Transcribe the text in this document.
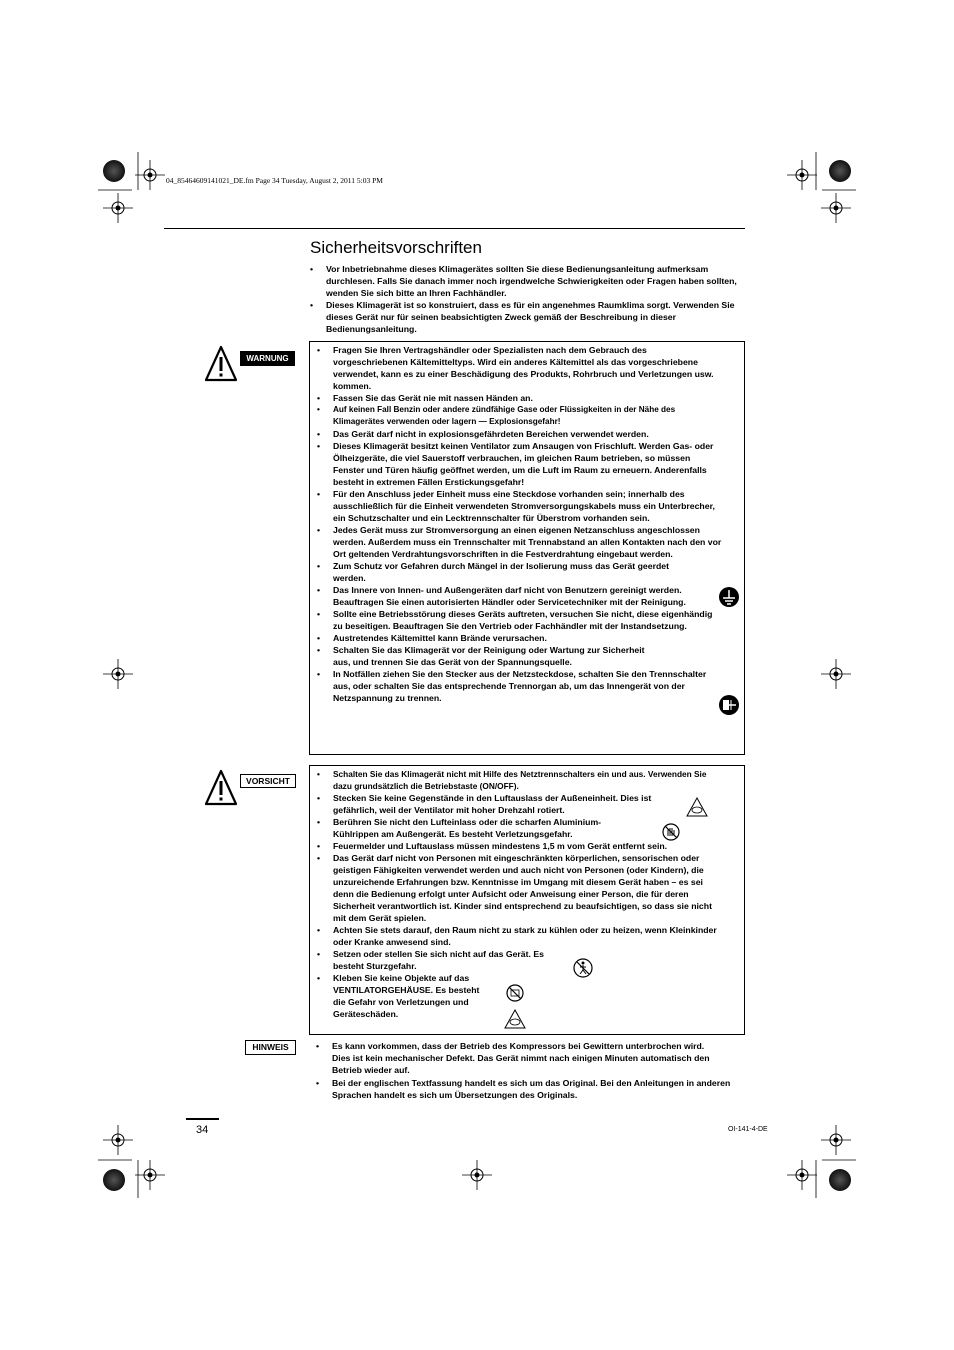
04_85464609141021_DE.fm Page 34 Tuesday, August 2, 2011 5:03 PM
Sicherheitsvorschriften
• Vor Inbetriebnahme dieses Klimagerätes sollten Sie diese Bedienungsanleitung aufmerksam durchlesen. Falls Sie danach immer noch irgendwelche Schwierigkeiten oder Fragen haben sollten, wenden Sie sich bitte an Ihren Fachhändler.
• Dieses Klimagerät ist so konstruiert, dass es für ein angenehmes Raumklima sorgt. Verwenden Sie dieses Gerät nur für seinen beabsichtigten Zweck gemäß der Beschreibung in dieser Bedienungsanleitung.
WARNUNG
• Fragen Sie Ihren Vertragshändler oder Spezialisten nach dem Gebrauch des vorgeschriebenen Kältemitteltyps. Wird ein anderes Kältemittel als das vorgeschriebene verwendet, kann es zu einer Beschädigung des Produkts, Rohrbruch und Verletzungen usw. kommen.
• Fassen Sie das Gerät nie mit nassen Händen an.
• Auf keinen Fall Benzin oder andere zündfähige Gase oder Flüssigkeiten in der Nähe des Klimagerätes verwenden oder lagern — Explosionsgefahr!
• Das Gerät darf nicht in explosionsgefährdeten Bereichen verwendet werden.
• Dieses Klimagerät besitzt keinen Ventilator zum Ansaugen von Frischluft. Werden Gas- oder Ölheizgeräte, die viel Sauerstoff verbrauchen, im gleichen Raum betrieben, so müssen Fenster und Türen häufig geöffnet werden, um die Luft im Raum zu erneuern. Anderenfalls besteht in extremen Fällen Erstickungsgefahr!
• Für den Anschluss jeder Einheit muss eine Steckdose vorhanden sein; innerhalb des ausschließlich für die Einheit verwendeten Stromversorgungskabels muss ein Unterbrecher, ein Schutzschalter und ein Lecktrennschalter für Überstrom vorhanden sein.
• Jedes Gerät muss zur Stromversorgung an einen eigenen Netzanschluss angeschlossen werden. Außerdem muss ein Trennschalter mit Trennabstand an allen Kontakten nach den vor Ort geltenden Verdrahtungsvorschriften in die Festverdrahtung eingebaut werden.
• Zum Schutz vor Gefahren durch Mängel in der Isolierung muss das Gerät geerdet werden.
• Das Innere von Innen- und Außengeräten darf nicht von Benutzern gereinigt werden. Beauftragen Sie einen autorisierten Händler oder Servicetechniker mit der Reinigung.
• Sollte eine Betriebsstörung dieses Geräts auftreten, versuchen Sie nicht, diese eigenhändig zu beseitigen. Beauftragen Sie den Vertrieb oder Fachhändler mit der Instandsetzung.
• Austretendes Kältemittel kann Brände verursachen.
• Schalten Sie das Klimagerät vor der Reinigung oder Wartung zur Sicherheit aus, und trennen Sie das Gerät von der Spannungsquelle.
• In Notfällen ziehen Sie den Stecker aus der Netzsteckdose, schalten Sie den Trennschalter aus, oder schalten Sie das entsprechende Trennorgan ab, um das Innengerät von der Netzspannung zu trennen.
VORSICHT
• Schalten Sie das Klimagerät nicht mit Hilfe des Netztrennschalters ein und aus. Verwenden Sie dazu grundsätzlich die Betriebstaste (ON/OFF).
• Stecken Sie keine Gegenstände in den Luftauslass der Außeneinheit. Dies ist gefährlich, weil der Ventilator mit hoher Drehzahl rotiert.
• Berühren Sie nicht den Lufteinlass oder die scharfen Aluminium-Kühlrippen am Außengerät. Es besteht Verletzungsgefahr.
• Feuermelder und Luftauslass müssen mindestens 1,5 m vom Gerät entfernt sein.
• Das Gerät darf nicht von Personen mit eingeschränkten körperlichen, sensorischen oder geistigen Fähigkeiten verwendet werden und auch nicht von Personen (oder Kindern), die unzureichende Erfahrungen bzw. Kenntnisse im Umgang mit diesem Gerät haben – es sei denn die Bedienung erfolgt unter Aufsicht oder Anweisung einer Person, die für deren Sicherheit verantwortlich ist. Kinder sind entsprechend zu beaufsichtigen, so dass sie nicht mit dem Gerät spielen.
• Achten Sie stets darauf, den Raum nicht zu stark zu kühlen oder zu heizen, wenn Kleinkinder oder Kranke anwesend sind.
• Setzen oder stellen Sie sich nicht auf das Gerät. Es besteht Sturzgefahr.
• Kleben Sie keine Objekte auf das VENTILATORGEHÄUSE. Es besteht die Gefahr von Verletzungen und Geräteschäden.
HINWEIS
•	Es kann vorkommen, dass der Betrieb des Kompressors bei Gewittern unterbrochen wird. Dies ist kein mechanischer Defekt. Das Gerät nimmt nach einigen Minuten automatisch den Betrieb wieder auf.
• Bei der englischen Textfassung handelt es sich um das Original. Bei den Anleitungen in anderen Sprachen handelt es sich um Übersetzungen des Originals.
34	OI-141-4-DE
